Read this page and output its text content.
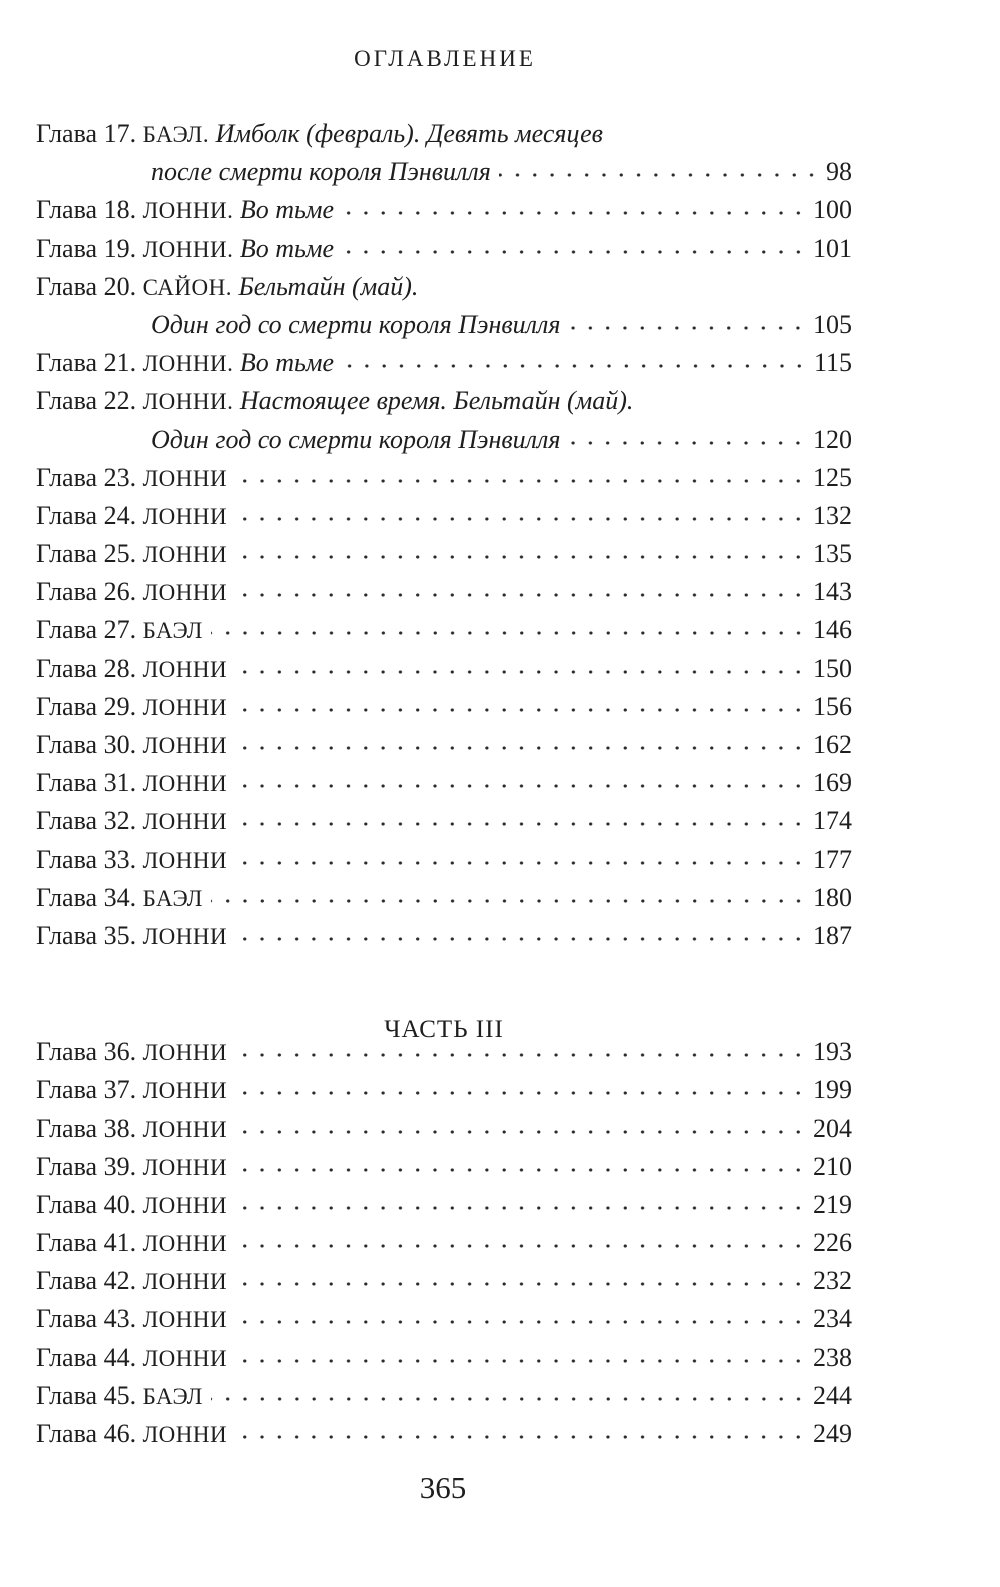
ОГЛАВЛЕНИЕ
Глава 17. БАЭЛ. Имболк (февраль). Девять месяцев
после смерти короля Пэнвилля	98
Глава 18. ЛОННИ. Во тьме	100
Глава 19. ЛОННИ. Во тьме	101
Глава 20. САЙОН. Бельтайн (май).
Один год со смерти короля Пэнвилля	105
Глава 21. ЛОННИ. Во тьме	115
Глава 22. ЛОННИ. Настоящее время. Бельтайн (май).
Один год со смерти короля Пэнвилля	120
Глава 23. ЛОННИ	125
Глава 24. ЛОННИ	132
Глава 25. ЛОННИ	135
Глава 26. ЛОННИ	143
Глава 27. БАЭЛ	146
Глава 28. ЛОННИ	150
Глава 29. ЛОННИ	156
Глава 30. ЛОННИ	162
Глава 31. ЛОННИ	169
Глава 32. ЛОННИ	174
Глава 33. ЛОННИ	177
Глава 34. БАЭЛ	180
Глава 35. ЛОННИ	187
ЧАСТЬ III
Глава 36. ЛОННИ	193
Глава 37. ЛОННИ	199
Глава 38. ЛОННИ	204
Глава 39. ЛОННИ	210
Глава 40. ЛОННИ	219
Глава 41. ЛОННИ	226
Глава 42. ЛОННИ	232
Глава 43. ЛОННИ	234
Глава 44. ЛОННИ	238
Глава 45. БАЭЛ	244
Глава 46. ЛОННИ	249
365
